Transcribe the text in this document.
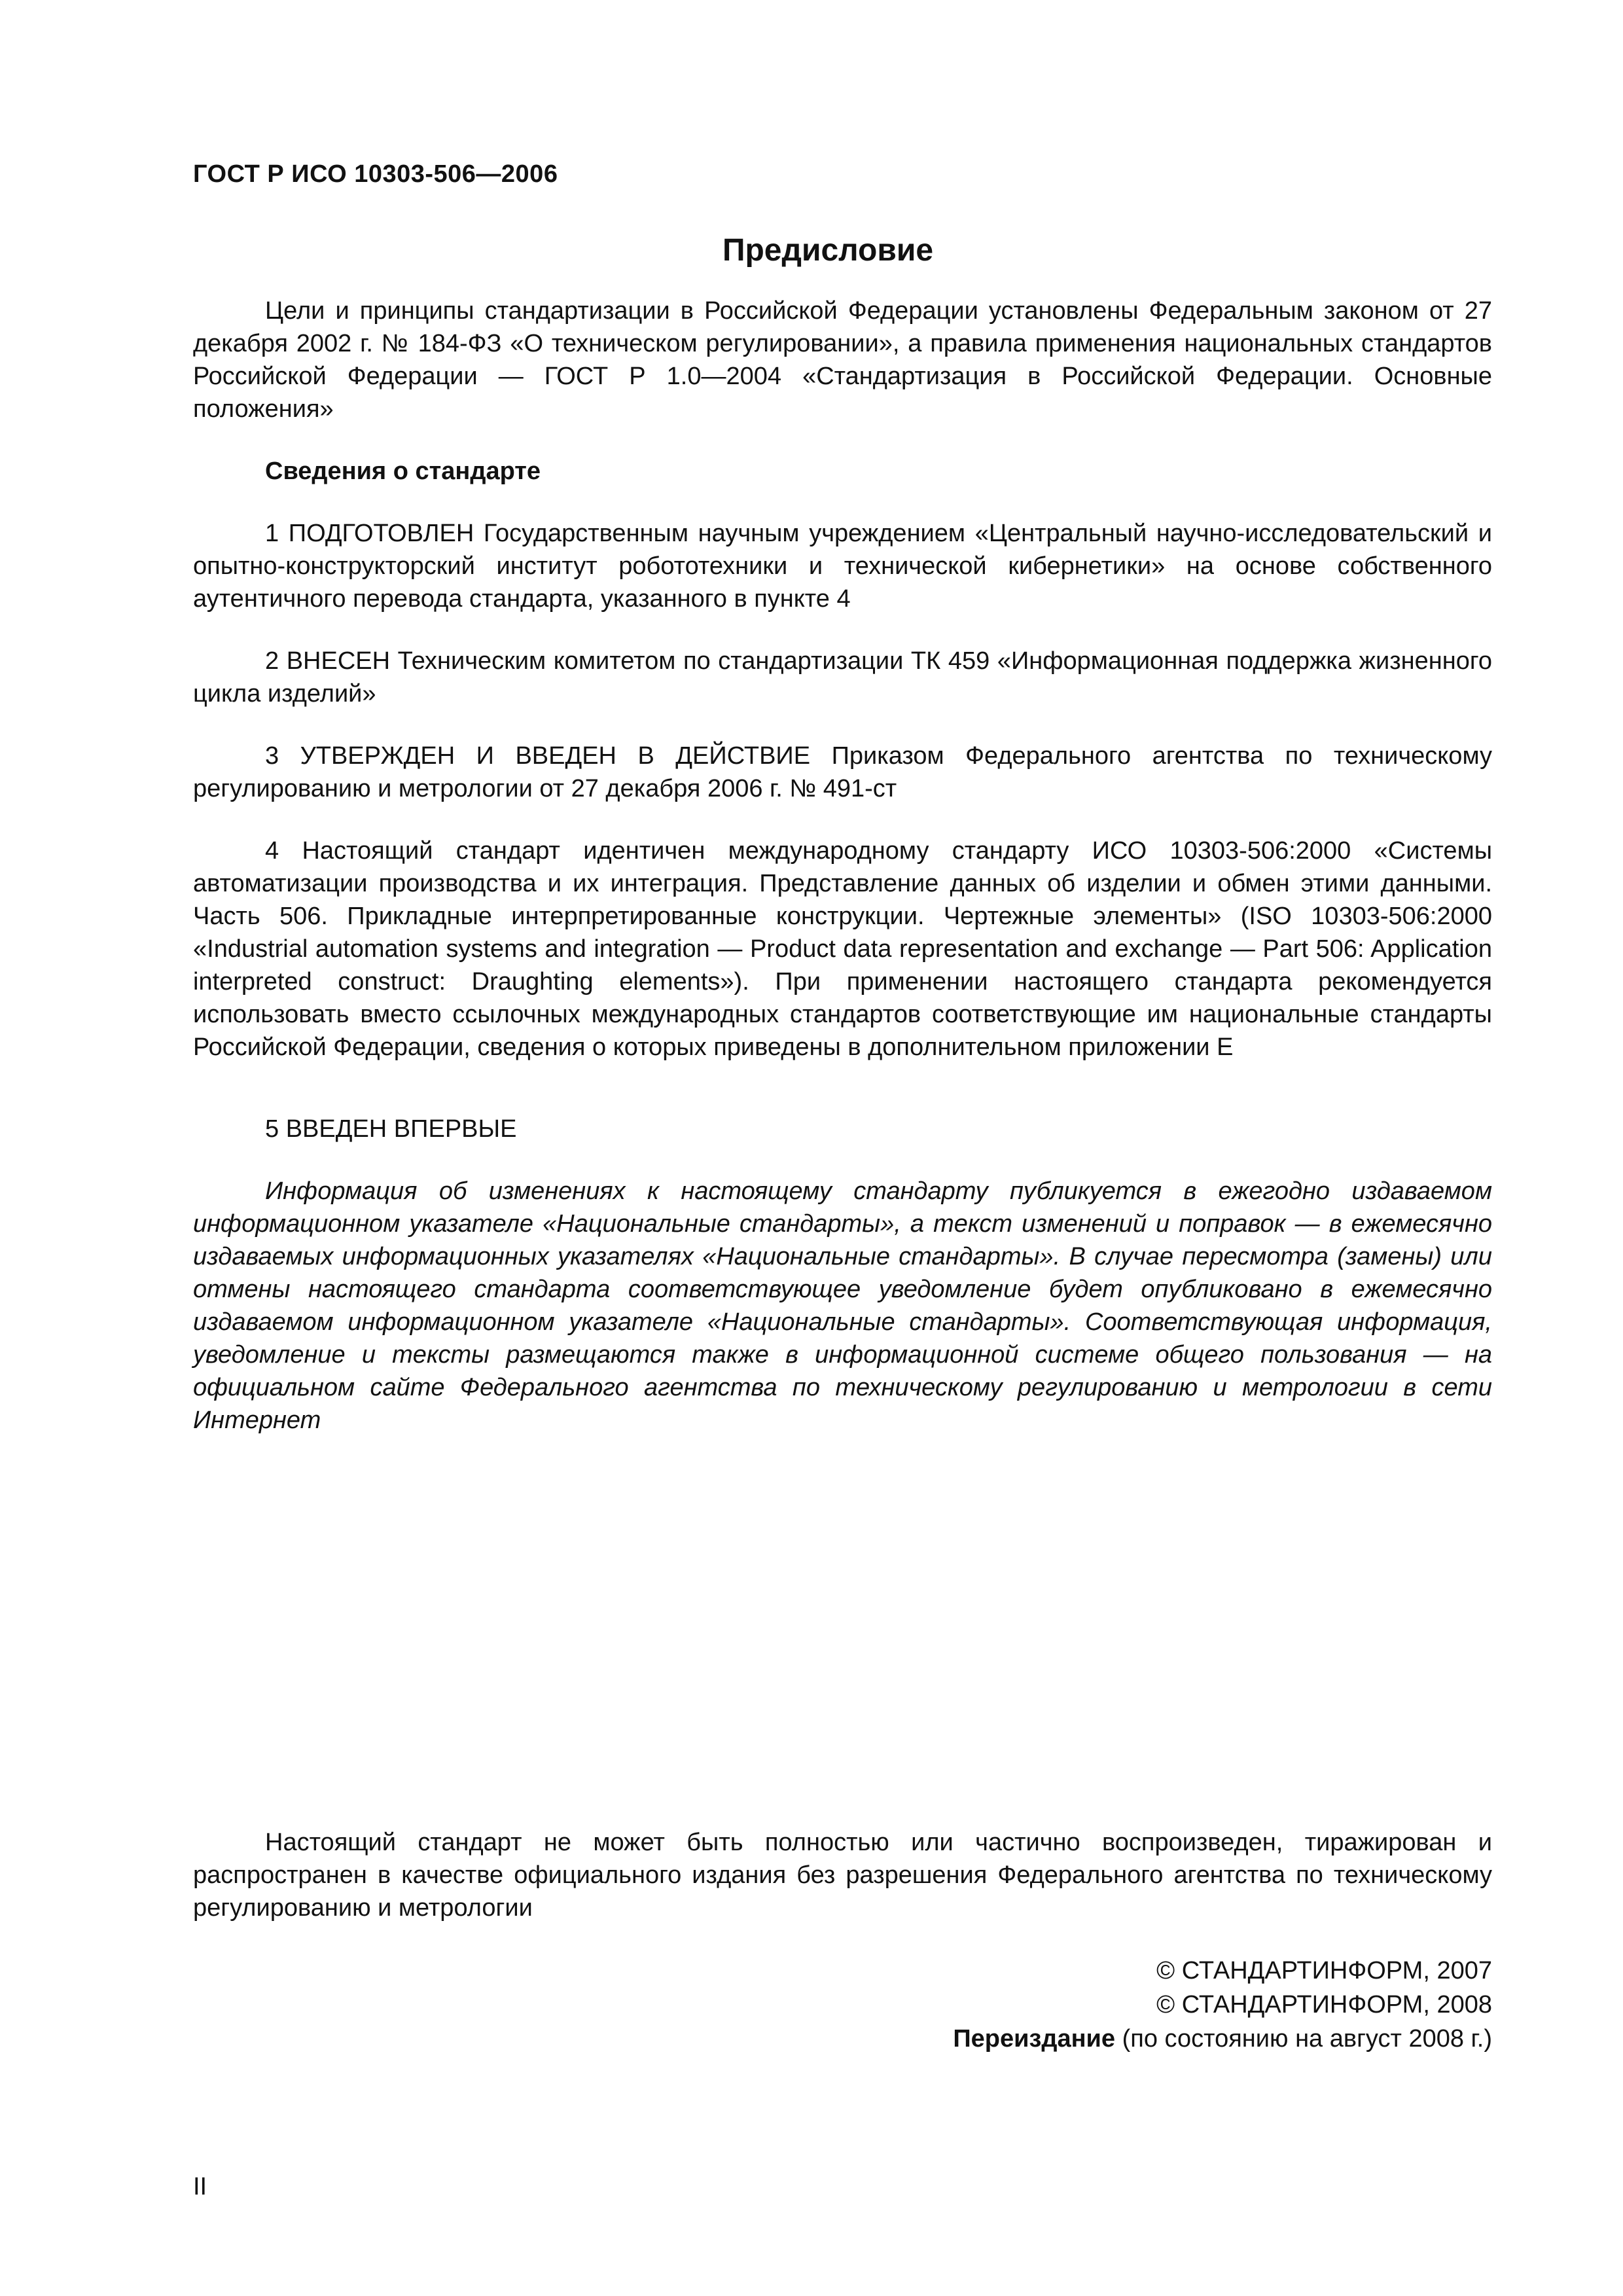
ГОСТ Р ИСО 10303-506—2006
Предисловие

Цели и принципы стандартизации в Российской Федерации установлены Федеральным законом от 27 декабря 2002 г. № 184-ФЗ «О техническом регулировании», а правила применения национальных стандартов Российской Федерации — ГОСТ Р 1.0—2004 «Стандартизация в Российской Федерации. Основные положения»

Сведения о стандарте

1 ПОДГОТОВЛЕН Государственным научным учреждением «Центральный научно-исследовательский и опытно-конструкторский институт робототехники и технической кибернетики» на основе собственного аутентичного перевода стандарта, указанного в пункте 4

2 ВНЕСЕН Техническим комитетом по стандартизации ТК 459 «Информационная поддержка жизненного цикла изделий»

3 УТВЕРЖДЕН И ВВЕДЕН В ДЕЙСТВИЕ Приказом Федерального агентства по техническому регулированию и метрологии от 27 декабря 2006 г. № 491-ст

4 Настоящий стандарт идентичен международному стандарту ИСО 10303-506:2000 «Системы автоматизации производства и их интеграция. Представление данных об изделии и обмен этими данными. Часть 506. Прикладные интерпретированные конструкции. Чертежные элементы» (ISO 10303-506:2000 «Industrial automation systems and integration — Product data representation and exchange — Part 506: Application interpreted construct: Draughting elements»). При применении настоящего стандарта рекомендуется использовать вместо ссылочных международных стандартов соответствующие им национальные стандарты Российской Федерации, сведения о которых приведены в дополнительном приложении Е

5 ВВЕДЕН ВПЕРВЫЕ

Информация об изменениях к настоящему стандарту публикуется в ежегодно издаваемом информационном указателе «Национальные стандарты», а текст изменений и поправок — в ежемесячно издаваемых информационных указателях «Национальные стандарты». В случае пересмотра (замены) или отмены настоящего стандарта соответствующее уведомление будет опубликовано в ежемесячно издаваемом информационном указателе «Национальные стандарты». Соответствующая информация, уведомление и тексты размещаются также в информационной системе общего пользования — на официальном сайте Федерального агентства по техническому регулированию и метрологии в сети Интернет

Настоящий стандарт не может быть полностью или частично воспроизведен, тиражирован и распространен в качестве официального издания без разрешения Федерального агентства по техническому регулированию и метрологии

© СТАНДАРТИНФОРМ, 2007
© СТАНДАРТИНФОРМ, 2008
Переиздание (по состоянию на август 2008 г.)
II
